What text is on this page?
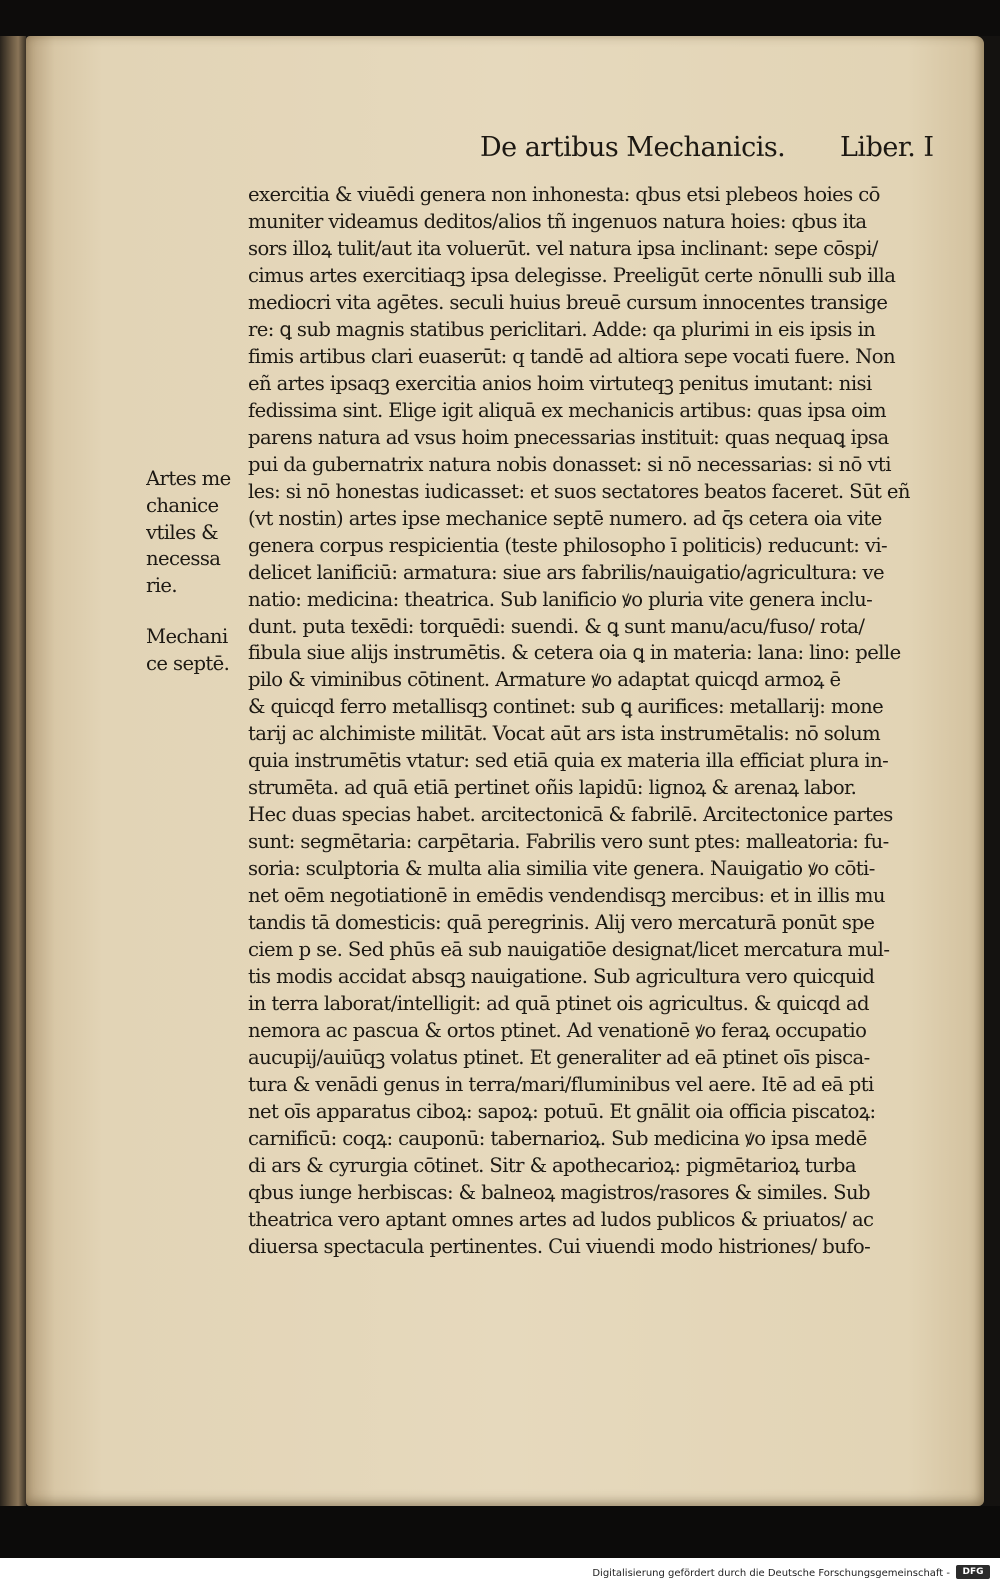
De artibus Mechanicis. Liber. I
Artes me
chanice
vtiles &
necessa
rie.
Mechani
ce septē.
exercitia & viuēdi genera non inhonesta: qbus etsi plebeos hoies cō
muniter videamus deditos/alios tñ ingenuos natura hoies: qbus ita
sors illoꝝ tulit/aut ita voluerūt. vel natura ipsa inclinant: sepe cōspi/
cimus artes exercitiaqꝫ ipsa delegisse. Preeligūt certe nōnulli sub illa
mediocri vita agētes. seculi huius breuē cursum innocentes transige
re: ꝗ sub magnis statibus periclitari. Adde: qa plurimi in eis ipsis in
fimis artibus clari euaserūt: q tandē ad altiora sepe vocati fuere. Non
eñ artes ipsaqꝫ exercitia anios hoim virtuteqꝫ penitus imutant: nisi
fedissima sint. Elige igit aliquā ex mechanicis artibus: quas ipsa oim
parens natura ad vsus hoim pnecessarias instituit: quas nequaꝗ ipsa
pui da gubernatrix natura nobis donasset: si nō necessarias: si nō vti
les: si nō honestas iudicasset: et suos sectatores beatos faceret. Sūt eñ
(vt nostin) artes ipse mechanice septē numero. ad q̄s cetera oia vite
genera corpus respicientia (teste philosopho ī politicis) reducunt: vi-
delicet lanificiū: armatura: siue ars fabrilis/nauigatio/agricultura: ve
natio: medicina: theatrica. Sub lanificio ꝟo pluria vite genera inclu-
dunt. puta texēdi: torquēdi: suendi. & ꝗ sunt manu/acu/fuso/ rota/
fibula siue alijs instrumētis. & cetera oia ꝗ in materia: lana: lino: pelle
pilo & viminibus cōtinent. Armature ꝟo adaptat quicqd armoꝝ ē
& quicqd ferro metallisqꝫ continet: sub ꝗ aurifices: metallarij: mone
tarij ac alchimiste militāt. Vocat aūt ars ista instrumētalis: nō solum
quia instrumētis vtatur: sed etiā quia ex materia illa efficiat plura in-
strumēta. ad quā etiā pertinet oñis lapidū: lignoꝝ & arenaꝝ labor.
Hec duas specias habet. arcitectonicā & fabrilē. Arcitectonice partes
sunt: segmētaria: carpētaria. Fabrilis vero sunt ptes: malleatoria: fu-
soria: sculptoria & multa alia similia vite genera. Nauigatio ꝟo cōti-
net oēm negotiationē in emēdis vendendisqꝫ mercibus: et in illis mu
tandis tā domesticis: quā peregrinis. Alij vero mercaturā ponūt spe
ciem p se. Sed phūs eā sub nauigatiōe designat/licet mercatura mul-
tis modis accidat absqꝫ nauigatione. Sub agricultura vero quicquid
in terra laborat/intelligit: ad quā ptinet ois agricultus. & quicqd ad
nemora ac pascua & ortos ptinet. Ad venationē ꝟo feraꝝ occupatio
aucupij/auiūqꝫ volatus ptinet. Et generaliter ad eā ptinet oīs pisca-
tura & venādi genus in terra/mari/fluminibus vel aere. Itē ad eā pti
net oīs apparatus ciboꝝ: sapoꝝ: potuū. Et gnālit oia officia piscatoꝝ:
carnificū: coqꝝ: cauponū: tabernarioꝝ. Sub medicina ꝟo ipsa medē
di ars & cyrurgia cōtinet. Sitr & apothecarioꝝ: pigmētarioꝝ turba
qbus iunge herbiscas: & balneoꝝ magistros/rasores & similes. Sub
theatrica vero aptant omnes artes ad ludos publicos & priuatos/ ac
diuersa spectacula pertinentes. Cui viuendi modo histriones/ bufo-
Digitalisierung gefördert durch die Deutsche Forschungsgemeinschaft -	DFG
